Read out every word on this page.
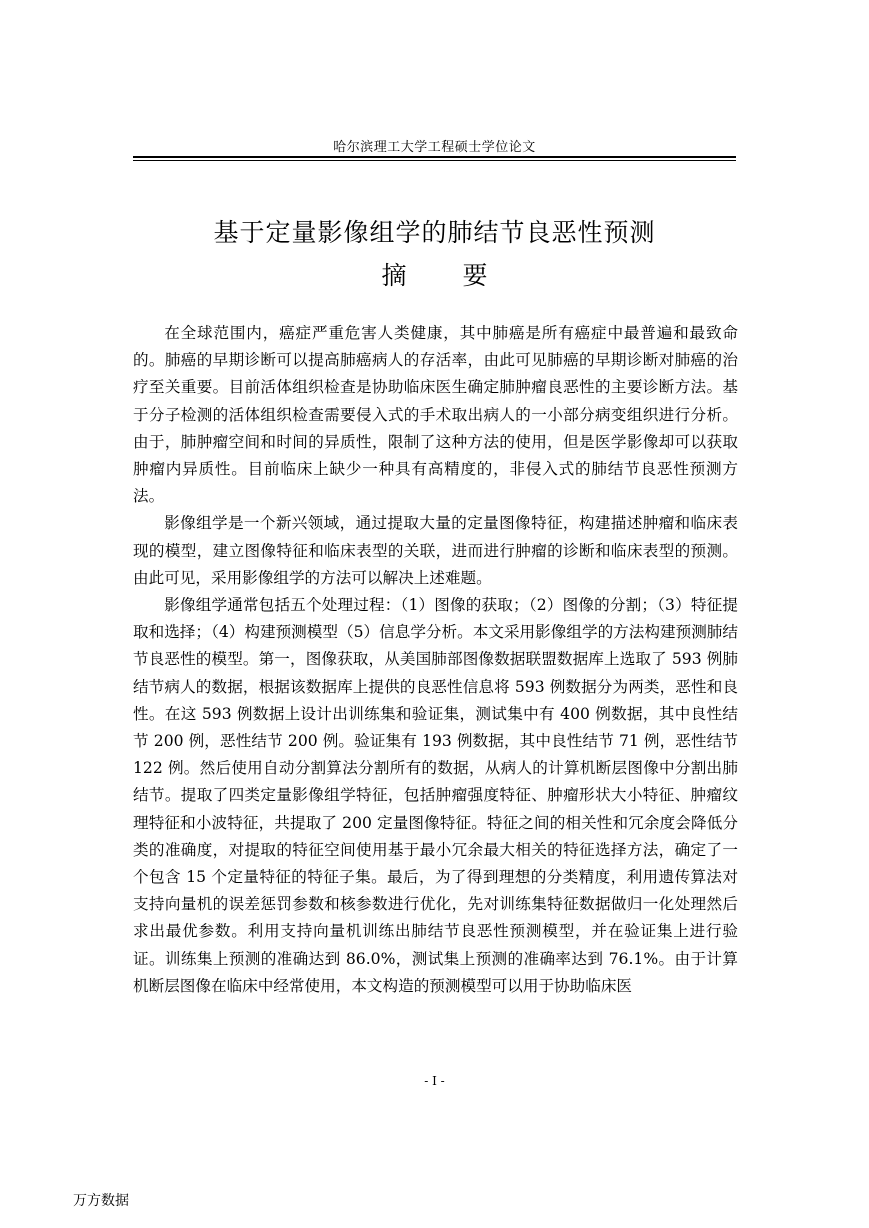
哈尔滨理工大学工程硕士学位论文
基于定量影像组学的肺结节良恶性预测
摘 要

在全球范围内，癌症严重危害人类健康，其中肺癌是所有癌症中最普遍和最致命的。肺癌的早期诊断可以提高肺癌病人的存活率，由此可见肺癌的早期诊断对肺癌的治疗至关重要。目前活体组织检查是协助临床医生确定肺肿瘤良恶性的主要诊断方法。基于分子检测的活体组织检查需要侵入式的手术取出病人的一小部分病变组织进行分析。由于，肺肿瘤空间和时间的异质性，限制了这种方法的使用，但是医学影像却可以获取肿瘤内异质性。目前临床上缺少一种具有高精度的，非侵入式的肺结节良恶性预测方法。

影像组学是一个新兴领域，通过提取大量的定量图像特征，构建描述肿瘤和临床表现的模型，建立图像特征和临床表型的关联，进而进行肿瘤的诊断和临床表型的预测。由此可见，采用影像组学的方法可以解决上述难题。

影像组学通常包括五个处理过程：（1）图像的获取；（2）图像的分割；（3）特征提取和选择；（4）构建预测模型（5）信息学分析。本文采用影像组学的方法构建预测肺结节良恶性的模型。第一，图像获取，从美国肺部图像数据联盟数据库上选取了 593 例肺结节病人的数据，根据该数据库上提供的良恶性信息将 593 例数据分为两类，恶性和良性。在这 593 例数据上设计出训练集和验证集，测试集中有 400 例数据，其中良性结节 200 例，恶性结节 200 例。验证集有 193 例数据，其中良性结节 71 例，恶性结节 122 例。然后使用自动分割算法分割所有的数据，从病人的计算机断层图像中分割出肺结节。提取了四类定量影像组学特征，包括肿瘤强度特征、肿瘤形状大小特征、肿瘤纹理特征和小波特征，共提取了 200 定量图像特征。特征之间的相关性和冗余度会降低分类的准确度，对提取的特征空间使用基于最小冗余最大相关的特征选择方法，确定了一个包含 15 个定量特征的特征子集。最后，为了得到理想的分类精度，利用遗传算法对支持向量机的误差惩罚参数和核参数进行优化，先对训练集特征数据做归一化处理然后求出最优参数。利用支持向量机训练出肺结节良恶性预测模型，并在验证集上进行验证。训练集上预测的准确达到 86.0%，测试集上预测的准确率达到 76.1%。由于计算机断层图像在临床中经常使用，本文构造的预测模型可以用于协助临床医

- I -
万方数据
